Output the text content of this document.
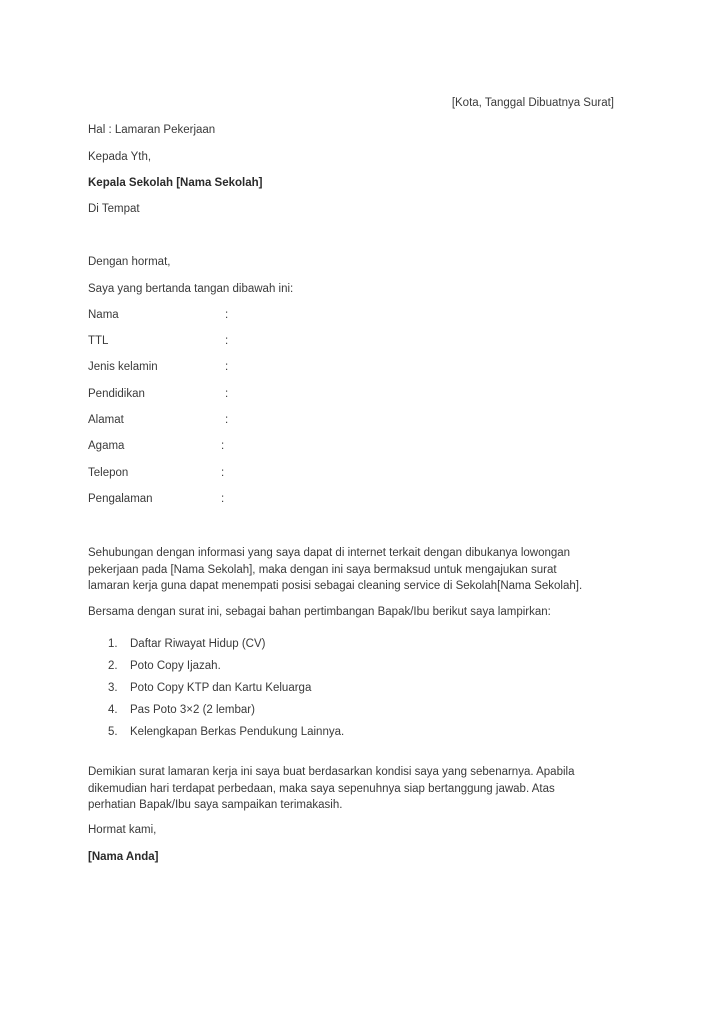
[Kota, Tanggal Dibuatnya Surat]
Hal : Lamaran Pekerjaan
Kepada Yth,
Kepala Sekolah [Nama Sekolah]
Di Tempat
Dengan hormat,
Saya yang bertanda tangan dibawah ini:
Nama	:
TTL	:
Jenis kelamin	:
Pendidikan	:
Alamat	:
Agama	:
Telepon	:
Pengalaman	:
Sehubungan dengan informasi yang saya dapat di internet terkait dengan dibukanya lowongan
pekerjaan pada [Nama Sekolah], maka dengan ini saya bermaksud untuk mengajukan surat
lamaran kerja guna dapat menempati posisi sebagai cleaning service di Sekolah[Nama Sekolah].
Bersama dengan surat ini, sebagai bahan pertimbangan Bapak/Ibu berikut saya lampirkan:
1. Daftar Riwayat Hidup (CV)
2. Poto Copy Ijazah.
3. Poto Copy KTP dan Kartu Keluarga
4. Pas Poto 3×2 (2 lembar)
5. Kelengkapan Berkas Pendukung Lainnya.
Demikian surat lamaran kerja ini saya buat berdasarkan kondisi saya yang sebenarnya. Apabila
dikemudian hari terdapat perbedaan, maka saya sepenuhnya siap bertanggung jawab. Atas
perhatian Bapak/Ibu saya sampaikan terimakasih.
Hormat kami,
[Nama Anda]
